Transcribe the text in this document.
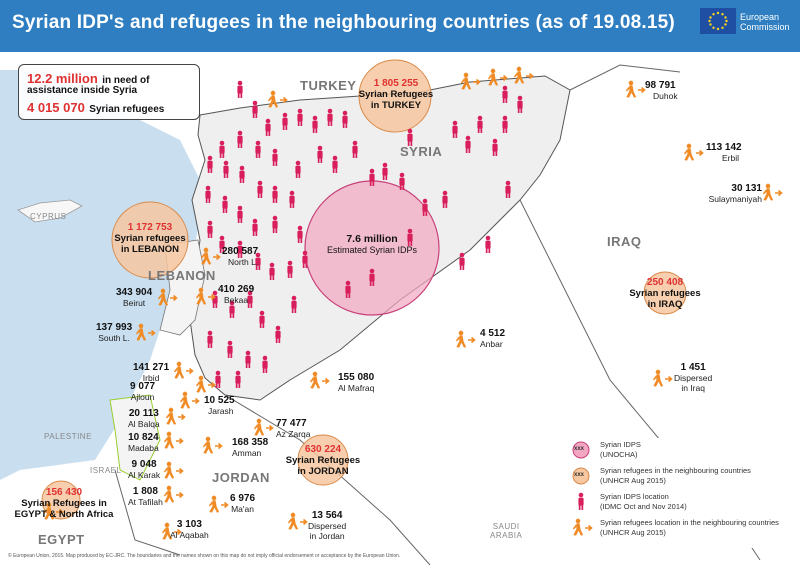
Syrian IDP's and refugees in the neighbouring countries (as of 19.08.15)	European
Commission
12.2 million in need of
assistance inside Syria
4 015 070 Syrian refugees
TURKEY
SYRIA
IRAQ
LEBANON
JORDAN
EGYPT
CYPRUS
PALESTINE
ISRAEL
SAUDI
ARABIA
1 805 255
Syrian Refugees
in TURKEY
1 172 753
Syrian refugees
in LEBANON
7.6 million
Estimated Syrian IDPs
250 408
Syrian refugees
in IRAQ
630 224
Syrian Refugees
in JORDAN
156 430
Syrian Refugees in
EGYPT & North Africa
98 791
Duhok
113 142
Erbil
30 131
Sulaymaniyah
4 512
Anbar
1 451
Dispersed
in Iraq
280 587
North L.
410 269
Bekaa
343 904
Beirut
137 993
South L.
141 271
Irbid
9 077
Ajloun	10 525
Jarash
155 080
Al Mafraq
20 113
Al Balqa	77 477
Az Zarqa
10 824
Madaba	168 358
Amman
9 048
Al Karak
1 808
At Tafilah	6 976
Ma'an
13 564
Dispersed
in Jordan
3 103
Al Aqabah
xxx
xxx
Syrian IDPS
(UNOCHA)
Syrian refugees in the neighbouring countries
(UNHCR Aug 2015)
Syrian IDPS location
(IDMC Oct and Nov 2014)
Syrian refugees location in the neighbouring countries
(UNHCR Aug 2015)
© European Union, 2015. Map produced by EC-JRC. The boundaries and the names shown on this map do not imply official endorsement or acceptance by the European Union.
